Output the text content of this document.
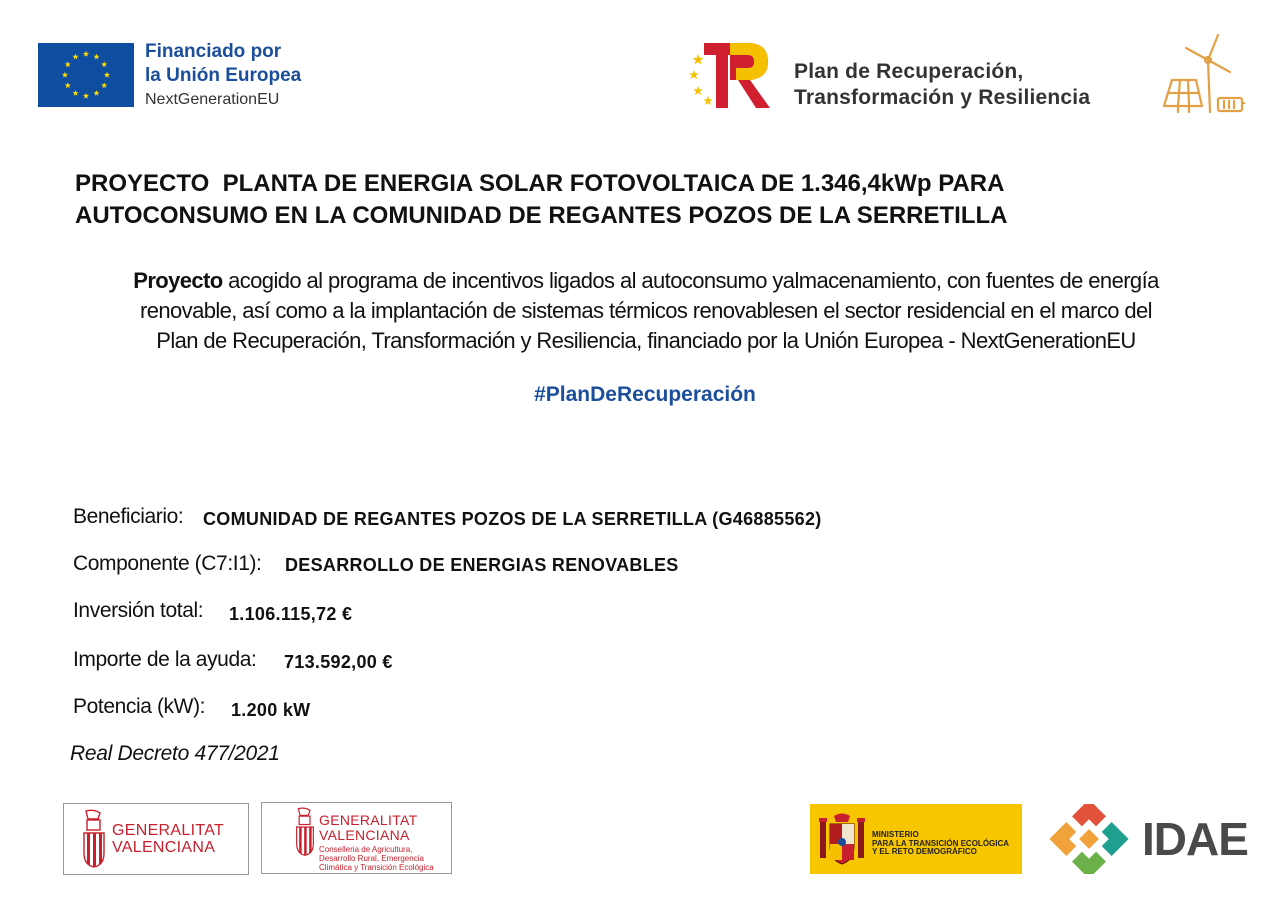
Financiado por
la Unión Europea
NextGenerationEU
Plan de Recuperación,
Transformación y Resiliencia
PROYECTO  PLANTA DE ENERGIA SOLAR FOTOVOLTAICA DE 1.346,4kWp PARA
AUTOCONSUMO EN LA COMUNIDAD DE REGANTES POZOS DE LA SERRETILLA
Proyecto acogido al programa de incentivos ligados al autoconsumo yalmacenamiento, con fuentes de energía
renovable, así como a la implantación de sistemas térmicos renovablesen el sector residencial en el marco del
Plan de Recuperación, Transformación y Resiliencia, financiado por la Unión Europea - NextGenerationEU
#PlanDeRecuperación
Beneficiario: COMUNIDAD DE REGANTES POZOS DE LA SERRETILLA (G46885562)
Componente (C7:I1): DESARROLLO DE ENERGIAS RENOVABLES
Inversión total: 1.106.115,72 €
Importe de la ayuda: 713.592,00 €
Potencia (kW): 1.200 kW
Real Decreto 477/2021
GENERALITAT
VALENCIANA
GENERALITAT
VALENCIANA
Conselleria de Agricultura,
Desarrollo Rural, Emergencia
Climática y Transición Ecológica
MINISTERIO
PARA LA TRANSICIÓN ECOLÓGICA
Y EL RETO DEMOGRÁFICO	IDAE
